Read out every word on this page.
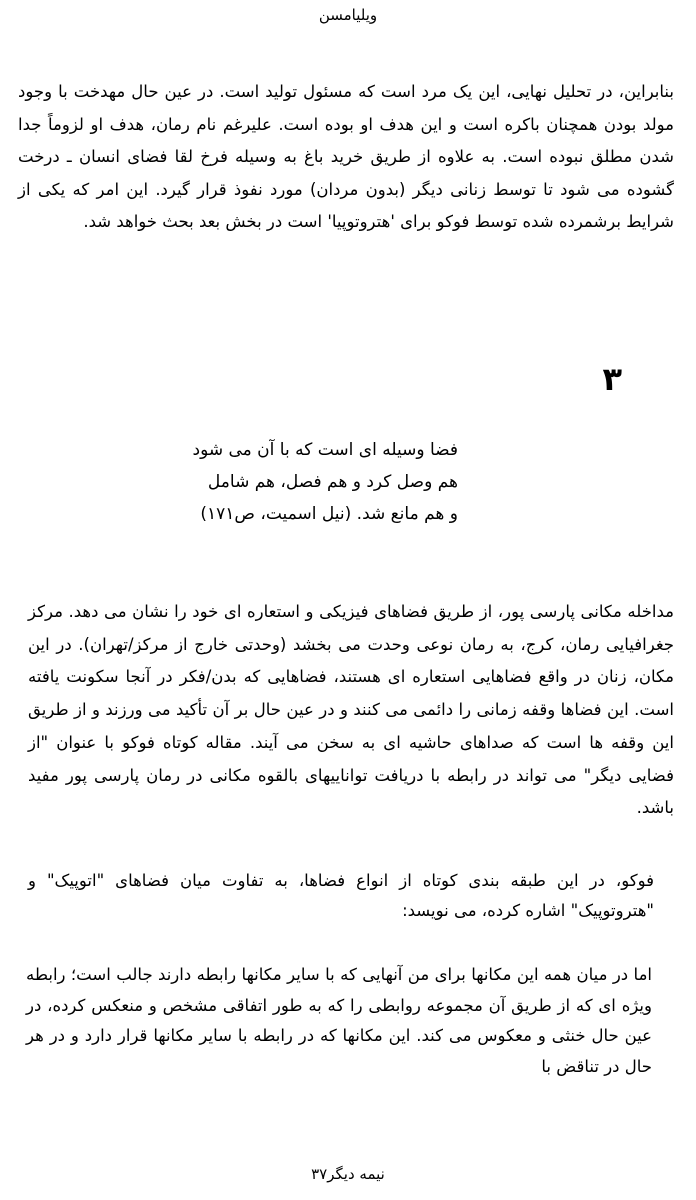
ویلیامسن

بنابراین، در تحلیل نهایی، این یک مرد است که مسئول تولید است. در عین حال مهدخت با وجود مولد بودن همچنان باکره است و این هدف او بوده است. علیرغم نام رمان، هدف او لزوماً جدا شدن مطلق نبوده است. به علاوه از طریق خرید باغ به وسیله فرخ لقا فضای انسان ـ درخت گشوده می شود تا توسط زنانی دیگر (بدون مردان) مورد نفوذ قرار گیرد. این امر که یکی از شرایط برشمرده شده توسط فوکو برای 'هتروتوپیا' است در بخش بعد بحث خواهد شد.

۳
فضا وسیله ای است که با آن می شود
هم وصل کرد و هم فصل، هم شامل
و هم مانع شد. (نیل اسمیت، ص۱۷۱)

مداخله مکانی پارسی پور، از طریق فضاهای فیزیکی و استعاره ای خود را نشان می دهد. مرکز جغرافیایی رمان، کرج، به رمان نوعی وحدت می بخشد (وحدتی خارج از مرکز/تهران). در این مکان، زنان در واقع فضاهایی استعاره ای هستند، فضاهایی که بدن/فکر در آنجا سکونت یافته است. این فضاها وقفه زمانی را دائمی می کنند و در عین حال بر آن تأکید می ورزند و از طریق این وقفه ها است که صداهای حاشیه ای به سخن می آیند. مقاله کوتاه فوکو با عنوان "از فضایی دیگر" می تواند در رابطه با دریافت تواناییهای بالقوه مکانی در رمان پارسی پور مفید باشد.

فوکو، در این طبقه بندی کوتاه از انواع فضاها، به تفاوت میان فضاهای "اتوپیک" و "هتروتوپیک" اشاره کرده، می نویسد:

اما در میان همه این مکانها برای من آنهایی که با سایر مکانها رابطه دارند جالب است؛ رابطه ویژه ای که از طریق آن مجموعه روابطی را که به طور اتفاقی مشخص و منعکس کرده، در عین حال خنثی و معکوس می کند. این مکانها که در رابطه با سایر مکانها قرار دارد و در هر حال در تناقض با

نیمه دیگر۳۷
